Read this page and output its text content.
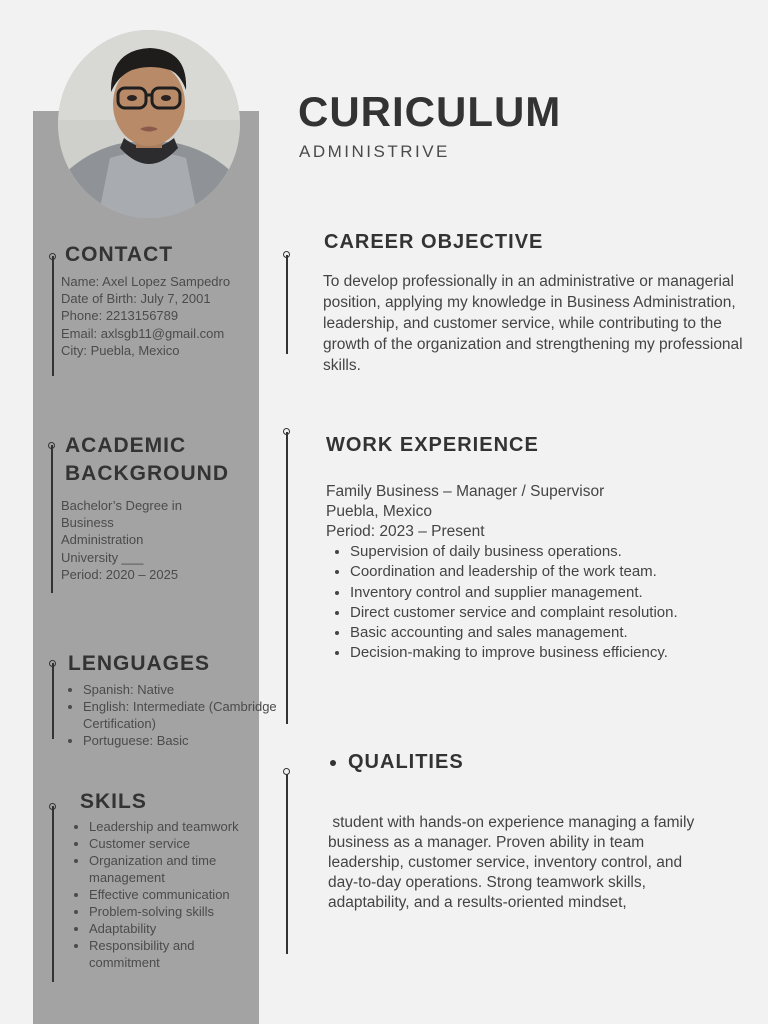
CURICULUM
ADMINISTRIVE
CONTACT
Name: Axel Lopez Sampedro
Date of Birth: July 7, 2001
Phone: 2213156789
Email: axlsgb11@gmail.com
City: Puebla, Mexico
ACADEMIC
BACKGROUND
Bachelor’s Degree in
Business
Administration
University ___
Period: 2020 – 2025
LENGUAGES
• Spanish: Native
• English: Intermediate (Cambridge Certification)
• Portuguese: Basic
SKILS
• Leadership and teamwork
• Customer service
• Organization and time management
• Effective communication
• Problem-solving skills
• Adaptability
• Responsibility and commitment
CAREER OBJECTIVE
To develop professionally in an administrative or managerial position, applying my knowledge in Business Administration, leadership, and customer service, while contributing to the growth of the organization and strengthening my professional skills.
WORK EXPERIENCE
Family Business – Manager / Supervisor
Puebla, Mexico
Period: 2023 – Present
• Supervision of daily business operations.
• Coordination and leadership of the work team.
• Inventory control and supplier management.
• Direct customer service and complaint resolution.
• Basic accounting and sales management.
• Decision-making to improve business efficiency.
• QUALITIES
student with hands-on experience managing a family business as a manager. Proven ability in team leadership, customer service, inventory control, and day-to-day operations. Strong teamwork skills, adaptability, and a results-oriented mindset,
